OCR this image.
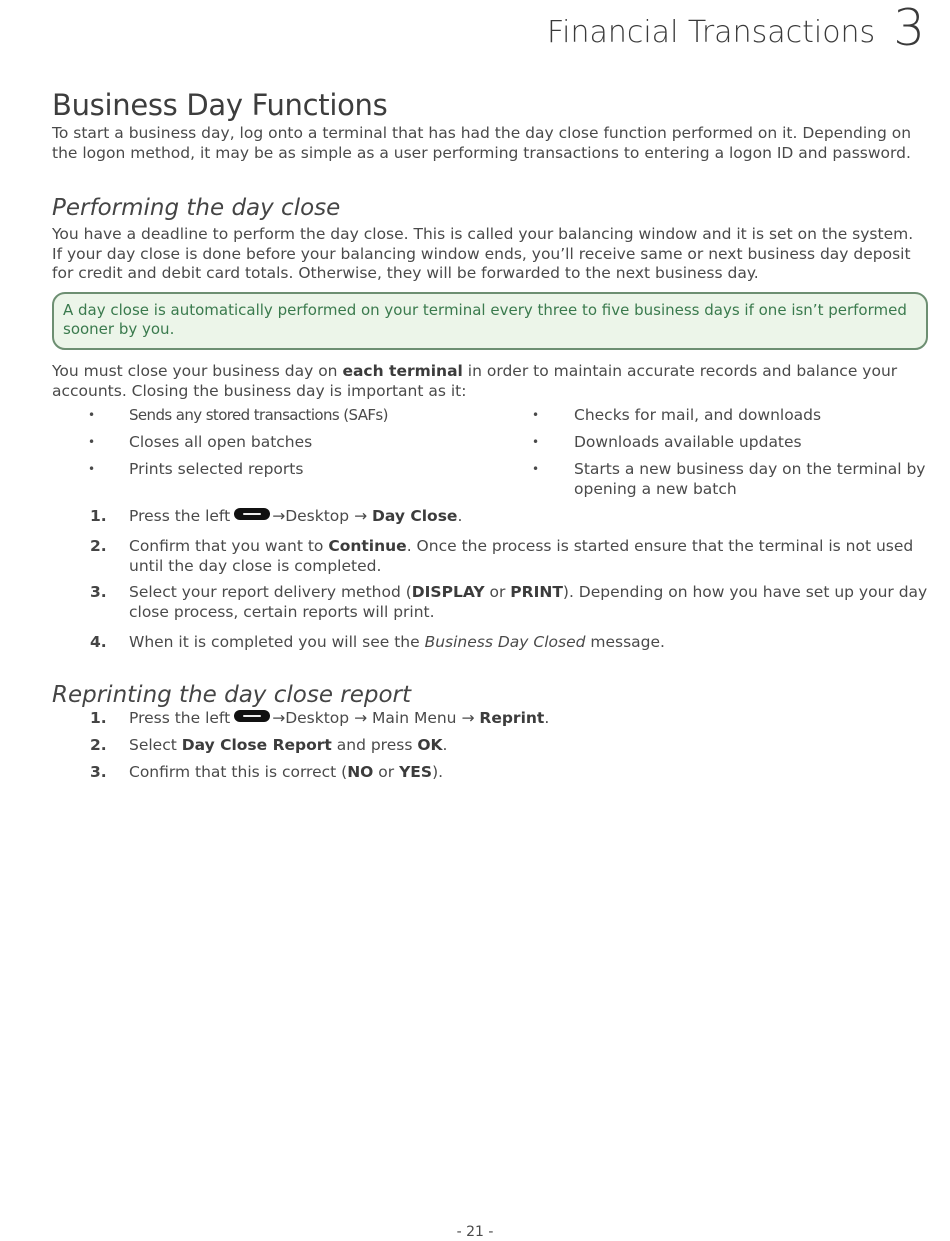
Financial Transactions 3
Business Day Functions

To start a business day, log onto a terminal that has had the day close function performed on it. Depending on the logon method, it may be as simple as a user performing transactions to entering a logon ID and password.

Performing the day close

You have a deadline to perform the day close. This is called your balancing window and it is set on the system. If your day close is done before your balancing window ends, you’ll receive same or next business day deposit for credit and debit card totals. Otherwise, they will be forwarded to the next business day.

A day close is automatically performed on your terminal every three to five business days if one isn’t performed sooner by you.

You must close your business day on each terminal in order to maintain accurate records and balance your accounts. Closing the business day is important as it:

• Sends any stored transactions (SAFs)
• Closes all open batches
• Prints selected reports
• Checks for mail, and downloads
• Downloads available updates
• Starts a new business day on the terminal by opening a new batch
1. Press the left	→Desktop → Day Close.
2. Confirm that you want to Continue. Once the process is started ensure that the terminal is not used until the day close is completed.
3. Select your report delivery method (DISPLAY or PRINT). Depending on how you have set up your day close process, certain reports will print.
4. When it is completed you will see the Business Day Closed message.
Reprinting the day close report
1. Press the left	→Desktop → Main Menu → Reprint.
2. Select Day Close Report and press OK.
3. Confirm that this is correct (NO or YES).
- 21 -
